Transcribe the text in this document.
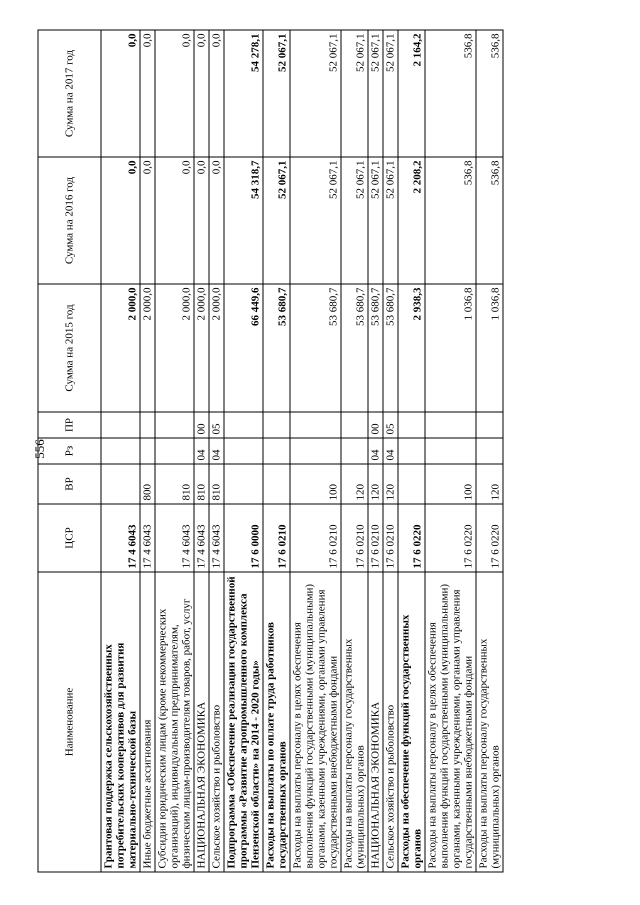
556
Наименование	ЦСР	ВР	Рз	ПР	Сумма на 2015 год	Сумма на 2016 год	Сумма на 2017 год
Грантовая поддержка сельскохозяйственных потребительских кооперативов для развития материально-технической базы	17 4 6043				2 000,0	0,0	0,0
Иные бюджетные ассигнования	17 4 6043	800			2 000,0	0,0	0,0
Субсидии юридическим лицам (кроме некоммерческих организаций), индивидуальным предпринимателям, физическим лицам-производителям товаров, работ, услуг	17 4 6043	810			2 000,0	0,0	0,0
НАЦИОНАЛЬНАЯ ЭКОНОМИКА	17 4 6043	810	04	00	2 000,0	0,0	0,0
Сельское хозяйство и рыболовство	17 4 6043	810	04	05	2 000,0	0,0	0,0
Подпрограмма «Обеспечение реализации государственной программы «Развитие агропромышленного комплекса Пензенской области» на 2014 - 2020 годы»	17 6 0000				66 449,6	54 318,7	54 278,1
Расходы на выплаты по оплате труда работников государственных органов	17 6 0210				53 680,7	52 067,1	52 067,1
Расходы на выплаты персоналу в целях обеспечения выполнения функций государственными (муниципальными) органами, казенными учреждениями, органами управления государственными внебюджетными фондами	17 6 0210	100			53 680,7	52 067,1	52 067,1
Расходы на выплаты персоналу государственных (муниципальных) органов	17 6 0210	120			53 680,7	52 067,1	52 067,1
НАЦИОНАЛЬНАЯ ЭКОНОМИКА	17 6 0210	120	04	00	53 680,7	52 067,1	52 067,1
Сельское хозяйство и рыболовство	17 6 0210	120	04	05	53 680,7	52 067,1	52 067,1
Расходы на обеспечение функций государственных органов	17 6 0220				2 938,3	2 208,2	2 164,2
Расходы на выплаты персоналу в целях обеспечения выполнения функций государственными (муниципальными) органами, казенными учреждениями, органами управления государственными внебюджетными фондами	17 6 0220	100			1 036,8	536,8	536,8
Расходы на выплаты персоналу государственных (муниципальных) органов	17 6 0220	120			1 036,8	536,8	536,8
